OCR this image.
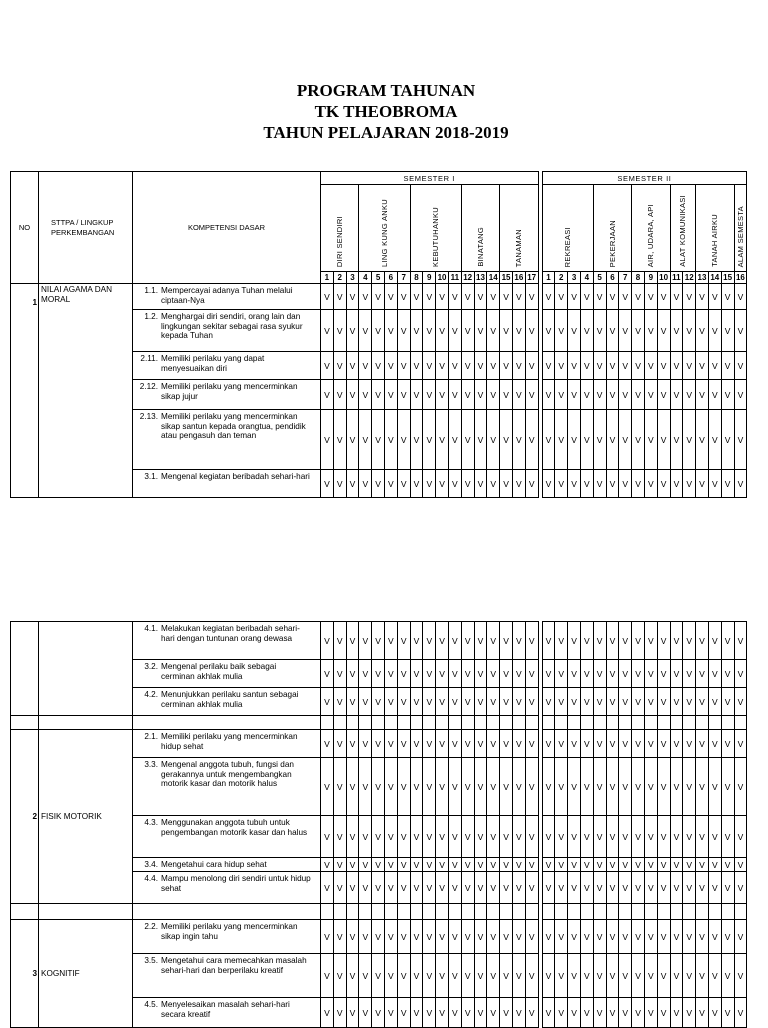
PROGRAM TAHUNAN
TK THEOBROMA
TAHUN PELAJARAN 2018-2019
NO	STTPA / LINGKUP PERKEMBANGAN	KOMPETENSI DASAR	SEMESTER I																		SEMESTER II															
			DIRI SENDIRI			LING KUNG ANKU				KEBUTUHANKU				BINATANG			TANAMAN				REKREASI				PEKERJAAN			AIR, UDARA, API			ALAT KOMUNIKASI		TANAH AIRKU			ALAM SEMESTA
			1	2	3	4	5	6	7	8	9	10	11	12	13	14	15	16	17		1	2	3	4	5	6	7	8	9	10	11	12	13	14	15	16
1	NILAI AGAMA DAN MORAL	1.1. Mempercayai adanya Tuhan melalui ciptaan-Nya	V	V	V	V	V	V	V	V	V	V	V	V	V	V	V	V	V		V	V	V	V	V	V	V	V	V	V	V	V	V	V	V	V
		1.2. Menghargai diri sendiri, orang lain dan lingkungan sekitar sebagai rasa syukur kepada Tuhan	V	V	V	V	V	V	V	V	V	V	V	V	V	V	V	V	V		V	V	V	V	V	V	V	V	V	V	V	V	V	V	V	V
		2.11. Memiliki perilaku yang dapat menyesuaikan diri	V	V	V	V	V	V	V	V	V	V	V	V	V	V	V	V	V		V	V	V	V	V	V	V	V	V	V	V	V	V	V	V	V
		2.12. Memiliki perilaku yang mencerminkan sikap jujur	V	V	V	V	V	V	V	V	V	V	V	V	V	V	V	V	V		V	V	V	V	V	V	V	V	V	V	V	V	V	V	V	V
		2.13. Memiliki perilaku yang mencerminkan sikap santun kepada orangtua, pendidik atau pengasuh dan teman	V	V	V	V	V	V	V	V	V	V	V	V	V	V	V	V	V		V	V	V	V	V	V	V	V	V	V	V	V	V	V	V	V
		3.1. Mengenal kegiatan beribadah sehari-hari	V	V	V	V	V	V	V	V	V	V	V	V	V	V	V	V	V		V	V	V	V	V	V	V	V	V	V	V	V	V	V	V	V
		4.1. Melakukan kegiatan beribadah sehari-hari dengan tuntunan orang dewasa	V	V	V	V	V	V	V	V	V	V	V	V	V	V	V	V	V		V	V	V	V	V	V	V	V	V	V	V	V	V	V	V	V
		3.2. Mengenal perilaku baik sebagai cerminan akhlak mulia	V	V	V	V	V	V	V	V	V	V	V	V	V	V	V	V	V		V	V	V	V	V	V	V	V	V	V	V	V	V	V	V	V
		4.2. Menunjukkan perilaku santun sebagai cerminan akhlak mulia	V	V	V	V	V	V	V	V	V	V	V	V	V	V	V	V	V		V	V	V	V	V	V	V	V	V	V	V	V	V	V	V	V

2	FISIK MOTORIK	2.1. Memiliki perilaku yang mencerminkan hidup sehat	V	V	V	V	V	V	V	V	V	V	V	V	V	V	V	V	V		V	V	V	V	V	V	V	V	V	V	V	V	V	V	V	V
		3.3. Mengenal anggota tubuh, fungsi dan gerakannya untuk mengembangkan motorik kasar dan motorik halus	V	V	V	V	V	V	V	V	V	V	V	V	V	V	V	V	V		V	V	V	V	V	V	V	V	V	V	V	V	V	V	V	V
		4.3. Menggunakan anggota tubuh untuk pengembangan motorik kasar dan halus	V	V	V	V	V	V	V	V	V	V	V	V	V	V	V	V	V		V	V	V	V	V	V	V	V	V	V	V	V	V	V	V	V
		3.4. Mengetahui cara hidup sehat	V	V	V	V	V	V	V	V	V	V	V	V	V	V	V	V	V		V	V	V	V	V	V	V	V	V	V	V	V	V	V	V	V
		4.4. Mampu menolong diri sendiri untuk hidup sehat	V	V	V	V	V	V	V	V	V	V	V	V	V	V	V	V	V		V	V	V	V	V	V	V	V	V	V	V	V	V	V	V	V

3	KOGNITIF	2.2. Memiliki perilaku yang mencerminkan sikap ingin tahu	V	V	V	V	V	V	V	V	V	V	V	V	V	V	V	V	V		V	V	V	V	V	V	V	V	V	V	V	V	V	V	V	V
		3.5. Mengetahui cara memecahkan masalah sehari-hari dan berperilaku kreatif	V	V	V	V	V	V	V	V	V	V	V	V	V	V	V	V	V		V	V	V	V	V	V	V	V	V	V	V	V	V	V	V	V
		4.5. Menyelesaikan masalah sehari-hari secara kreatif	V	V	V	V	V	V	V	V	V	V	V	V	V	V	V	V	V		V	V	V	V	V	V	V	V	V	V	V	V	V	V	V	V
